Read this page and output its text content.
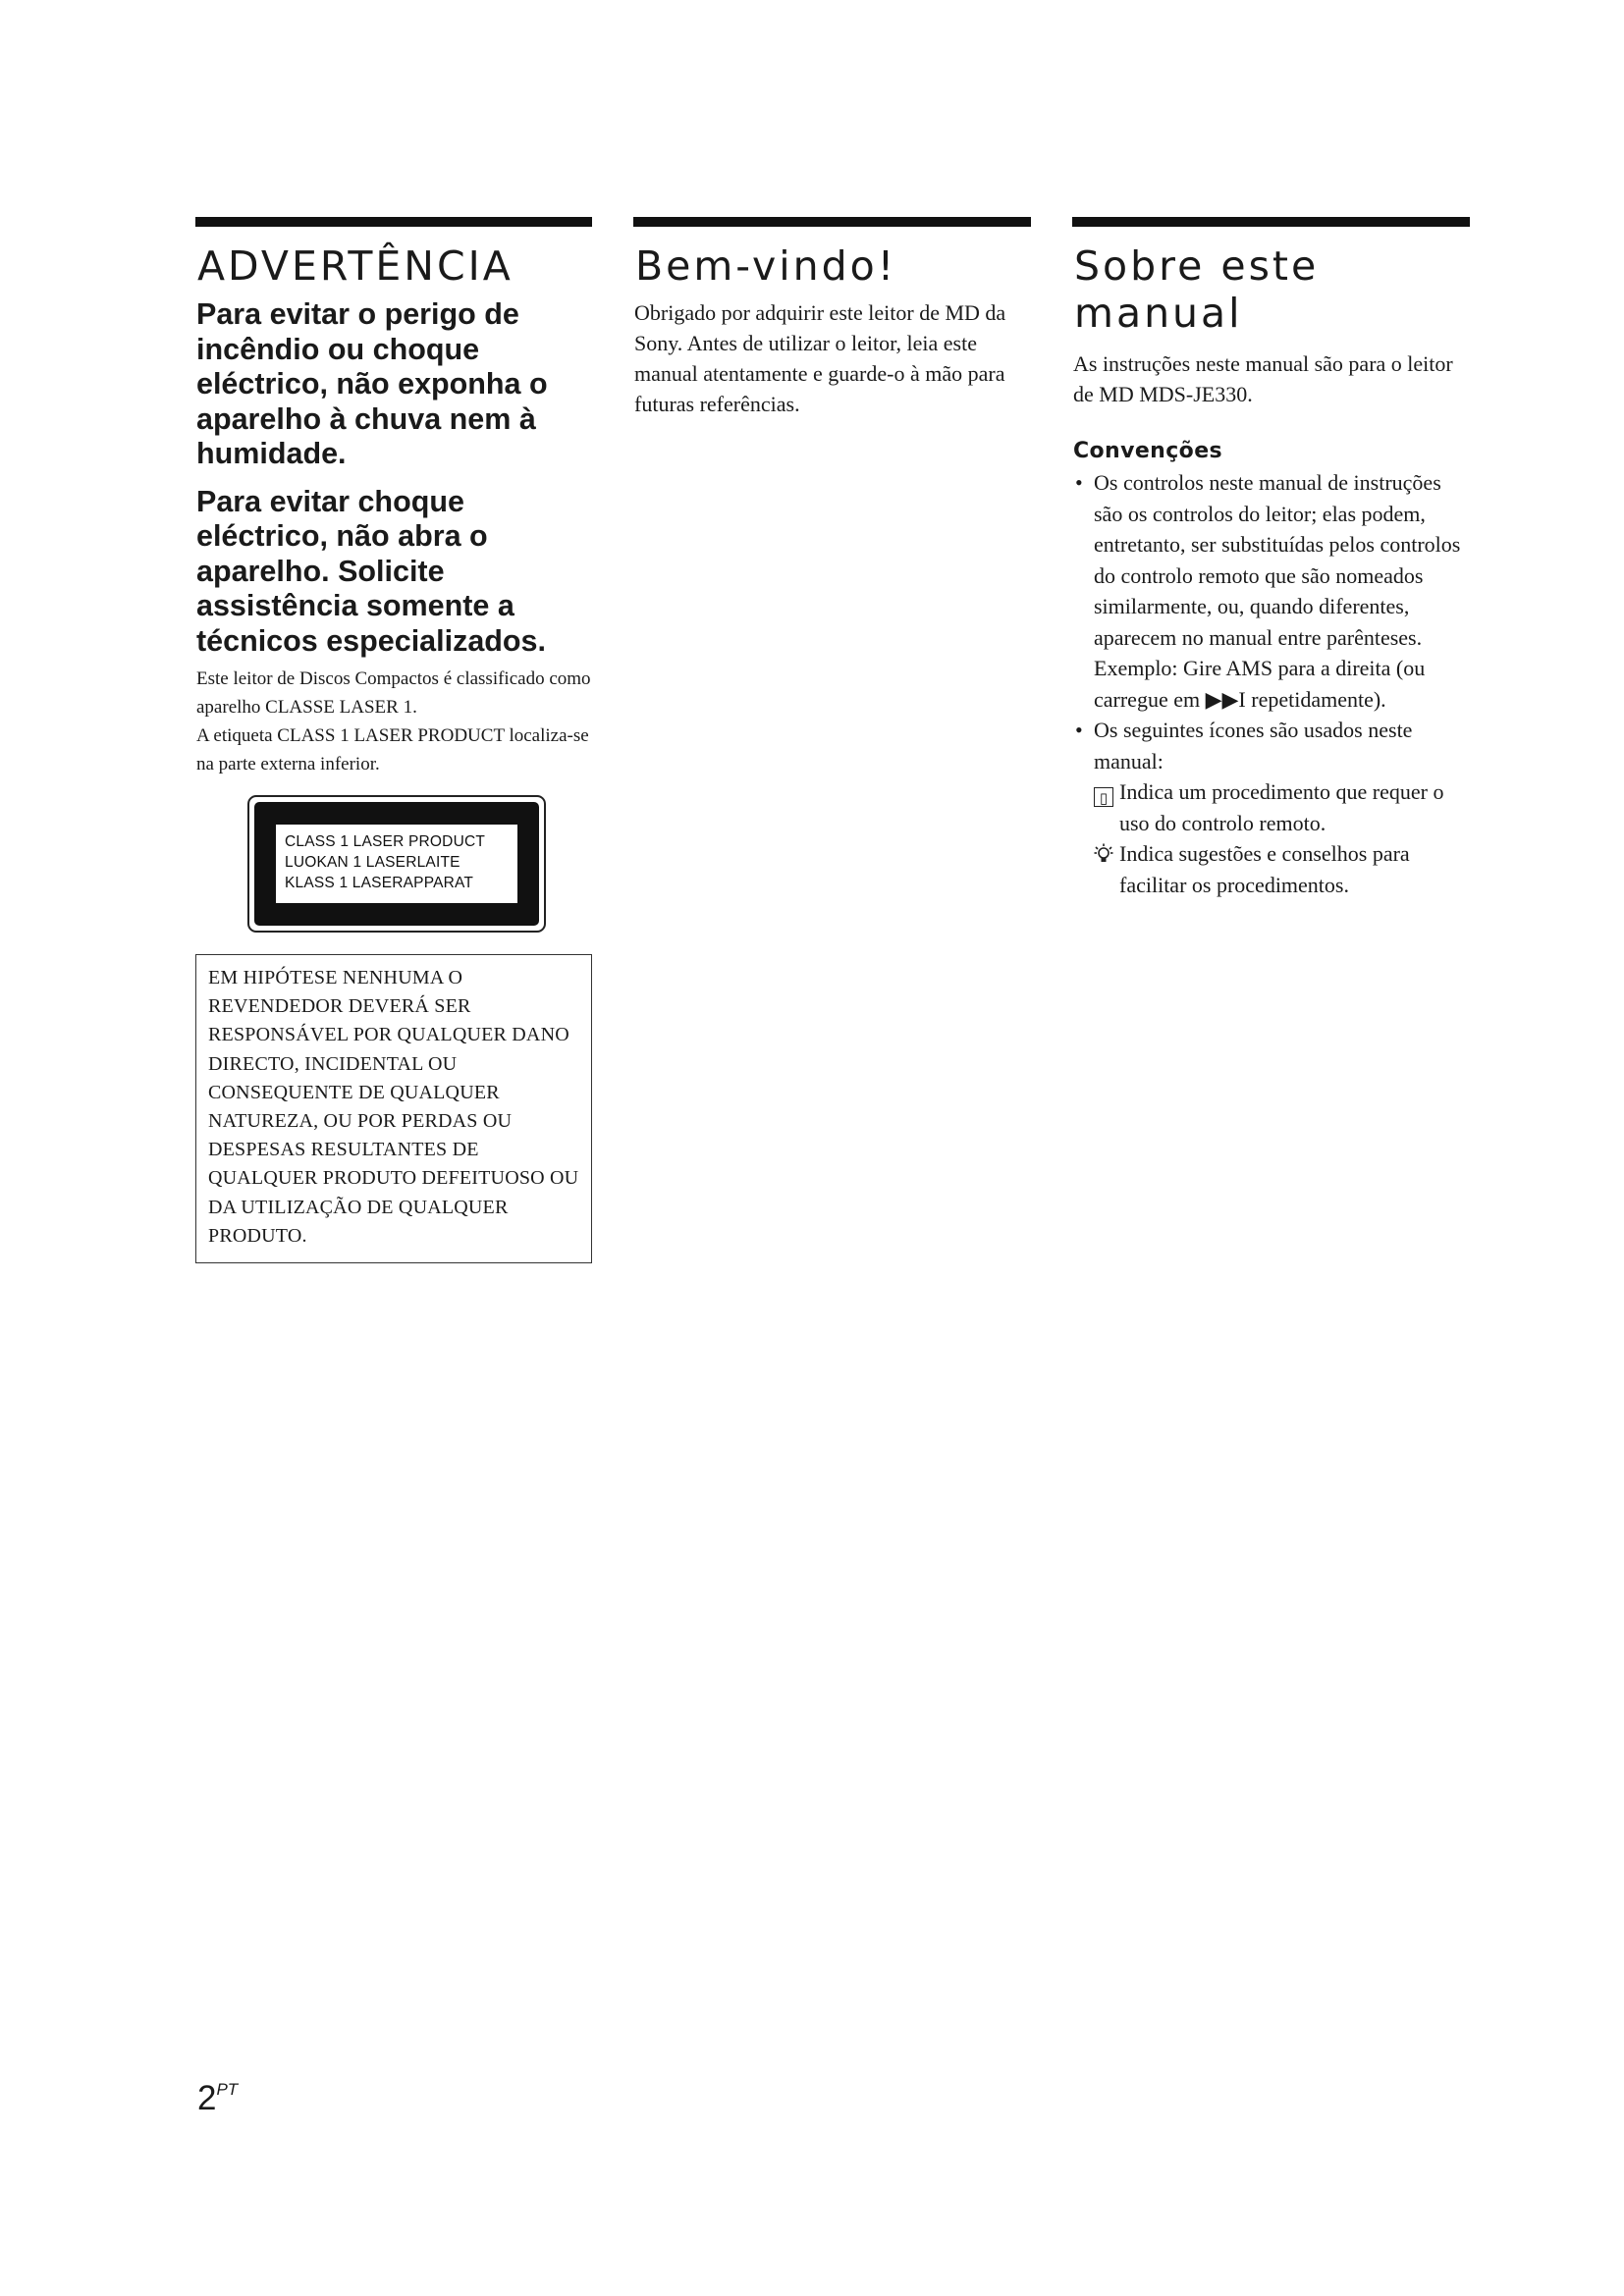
ADVERTÊNCIA
Para evitar o perigo de incêndio ou choque eléctrico, não exponha o aparelho à chuva nem à humidade.
Para evitar choque eléctrico, não abra o aparelho. Solicite assistência somente a técnicos especializados.
Este leitor de Discos Compactos é classificado como aparelho CLASSE LASER 1.
A etiqueta CLASS 1 LASER PRODUCT localiza-se na parte externa inferior.
CLASS 1 LASER PRODUCT
LUOKAN 1 LASERLAITE
KLASS 1 LASERAPPARAT
EM HIPÓTESE NENHUMA O REVENDEDOR DEVERÁ SER RESPONSÁVEL POR QUALQUER DANO DIRECTO, INCIDENTAL OU CONSEQUENTE DE QUALQUER NATUREZA, OU POR PERDAS OU DESPESAS RESULTANTES DE QUALQUER PRODUTO DEFEITUOSO OU DA UTILIZAÇÃO DE QUALQUER PRODUTO.
Bem-vindo!

Obrigado por adquirir este leitor de MD da Sony. Antes de utilizar o leitor, leia este manual atentamente e guarde-o à mão para futuras referências.

Sobre este manual

As instruções neste manual são para o leitor de MD MDS-JE330.

Convenções
• Os controlos neste manual de instruções são os controlos do leitor; elas podem, entretanto, ser substituídas pelos controlos do controlo remoto que são nomeados similarmente, ou, quando diferentes, aparecem no manual entre parênteses.
Exemplo: Gire AMS para a direita (ou carregue em ▶▶I repetidamente).
• Os seguintes ícones são usados neste manual:
▯ Indica um procedimento que requer o uso do controlo remoto.
Indica sugestões e conselhos para facilitar os procedimentos.
$2^{PT}$
